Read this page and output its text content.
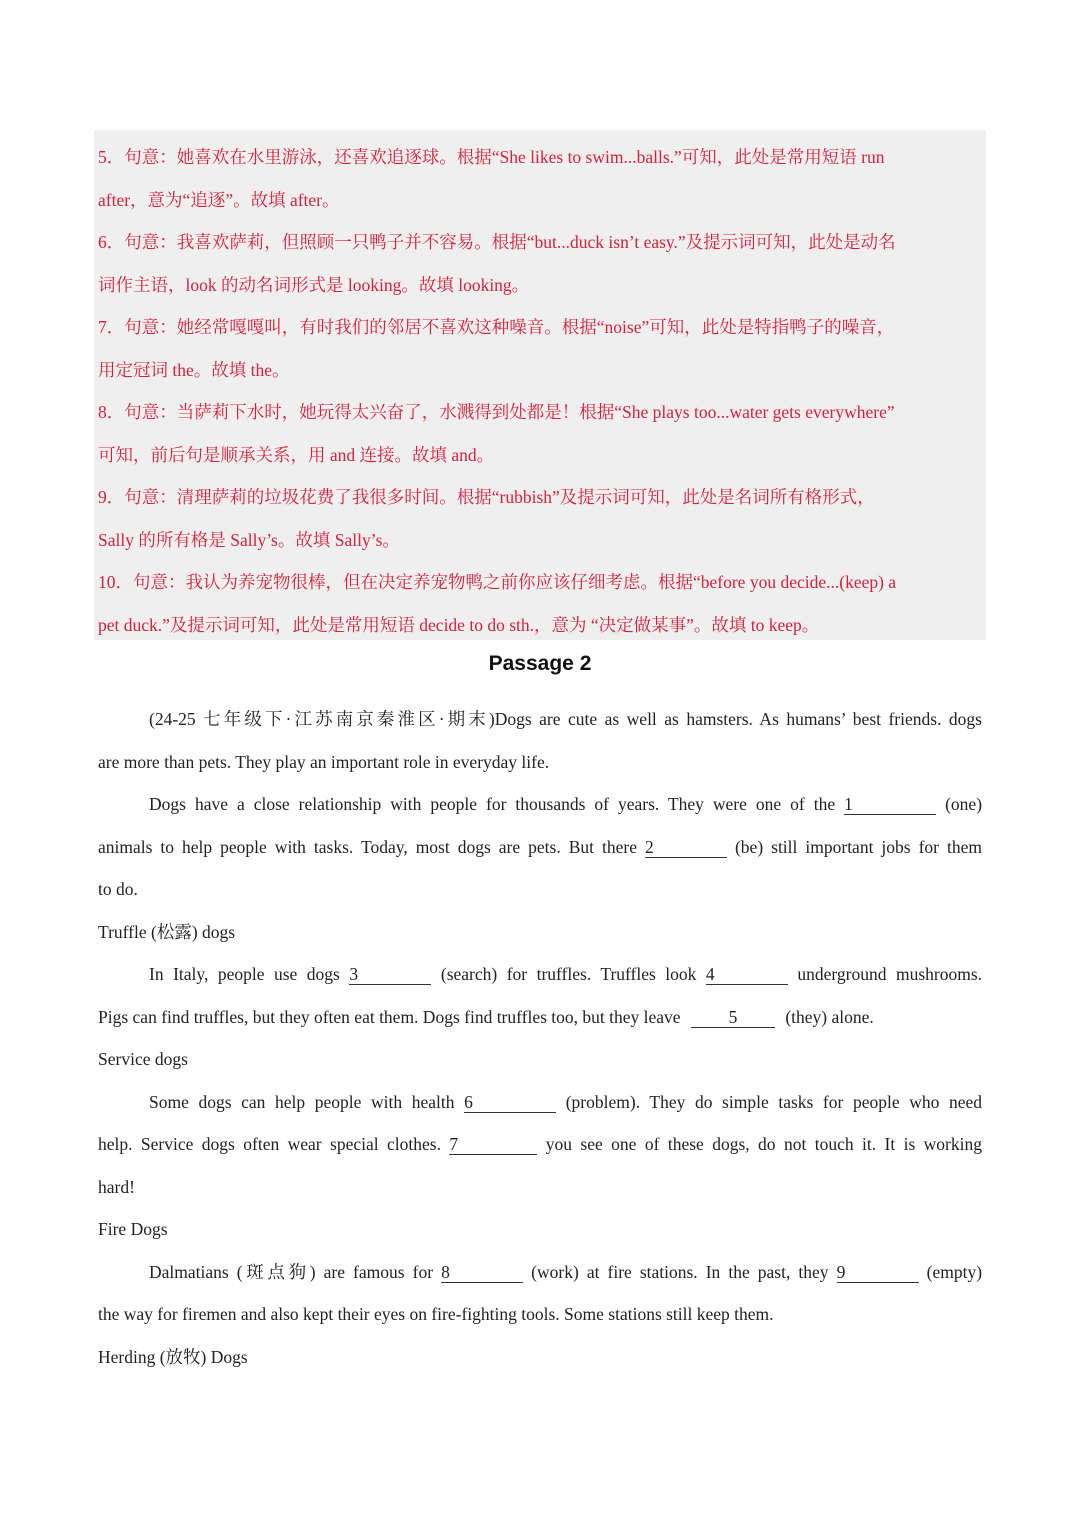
5．句意：她喜欢在水里游泳，还喜欢追逐球。根据“She likes to swim...balls.”可知，此处是常用短语 run
after，意为“追逐”。故填 after。
6．句意：我喜欢萨莉，但照顾一只鸭子并不容易。根据“but...duck isn’t easy.”及提示词可知，此处是动名
词作主语，look 的动名词形式是 looking。故填 looking。
7．句意：她经常嘎嘎叫，有时我们的邻居不喜欢这种噪音。根据“noise”可知，此处是特指鸭子的噪音，
用定冠词 the。故填 the。
8．句意：当萨莉下水时，她玩得太兴奋了，水溅得到处都是！根据“She plays too...water gets everywhere”
可知，前后句是顺承关系，用 and 连接。故填 and。
9．句意：清理萨莉的垃圾花费了我很多时间。根据“rubbish”及提示词可知，此处是名词所有格形式，
Sally 的所有格是 Sally’s。故填 Sally’s。
10．句意：我认为养宠物很棒，但在决定养宠物鸭之前你应该仔细考虑。根据“before you decide...(keep) a
pet duck.”及提示词可知，此处是常用短语 decide to do sth.，意为 “决定做某事”。故填 to keep。
Passage 2
(24-25 七年级下·江苏南京秦淮区·期末)Dogs are cute as well as hamsters. As humans’ best friends. dogs
are more than pets. They play an important role in everyday life.
Dogs have a close relationship with people for thousands of years. They were one of the 1	(one)
animals to help people with tasks. Today, most dogs are pets. But there 2	(be) still important jobs for them
to do.
Truffle (松露) dogs
In Italy, people use dogs 3	(search) for truffles. Truffles look 4	underground mushrooms.
Pigs can find truffles, but they often eat them. Dogs find truffles too, but they leave	5	(they) alone.
Service dogs
Some dogs can help people with health 6	(problem). They do simple tasks for people who need
help. Service dogs often wear special clothes. 7	you see one of these dogs, do not touch it. It is working
hard!
Fire Dogs
Dalmatians (斑点狗) are famous for 8	(work) at fire stations. In the past, they 9	(empty)
the way for firemen and also kept their eyes on fire-fighting tools. Some stations still keep them.
Herding (放牧) Dogs
